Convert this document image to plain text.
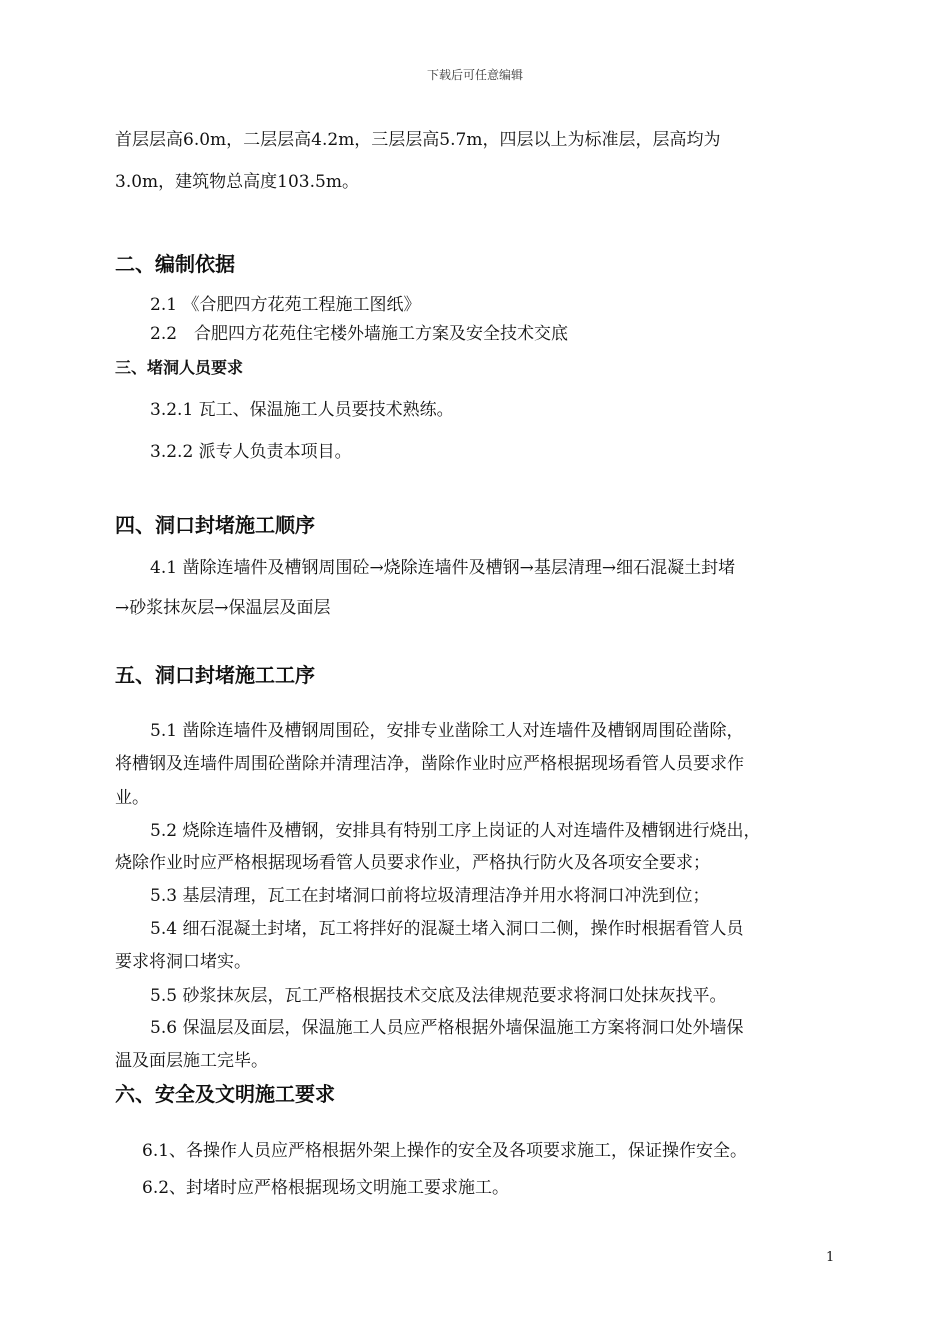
下载后可任意编辑
首层层高6.0m，二层层高4.2m，三层层高5.7m，四层以上为标准层，层高均为
3.0m，建筑物总高度103.5m。
二、编制依据
2.1 《合肥四方花苑工程施工图纸》
2.2　合肥四方花苑住宅楼外墙施工方案及安全技术交底
三、堵洞人员要求
3.2.1 瓦工、保温施工人员要技术熟练。
3.2.2 派专人负责本项目。
四、洞口封堵施工顺序
4.1 凿除连墙件及槽钢周围砼→烧除连墙件及槽钢→基层清理→细石混凝土封堵
→砂浆抹灰层→保温层及面层
五、洞口封堵施工工序
5.1 凿除连墙件及槽钢周围砼，安排专业凿除工人对连墙件及槽钢周围砼凿除，
将槽钢及连墙件周围砼凿除并清理洁净，凿除作业时应严格根据现场看管人员要求作
业。
5.2 烧除连墙件及槽钢，安排具有特别工序上岗证的人对连墙件及槽钢进行烧出，
烧除作业时应严格根据现场看管人员要求作业，严格执行防火及各项安全要求；
5.3 基层清理，瓦工在封堵洞口前将垃圾清理洁净并用水将洞口冲洗到位；
5.4 细石混凝土封堵，瓦工将拌好的混凝土堵入洞口二侧，操作时根据看管人员
要求将洞口堵实。
5.5 砂浆抹灰层，瓦工严格根据技术交底及法律规范要求将洞口处抹灰找平。
5.6 保温层及面层，保温施工人员应严格根据外墙保温施工方案将洞口处外墙保
温及面层施工完毕。
六、安全及文明施工要求
6.1、各操作人员应严格根据外架上操作的安全及各项要求施工，保证操作安全。
6.2、封堵时应严格根据现场文明施工要求施工。
1
